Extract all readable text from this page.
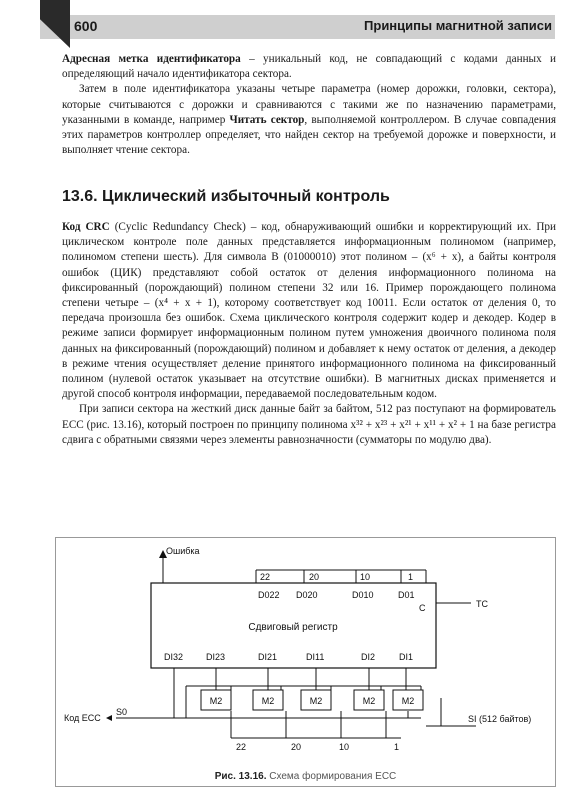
600	Принципы магнитной записи

Адресная метка идентификатора – уникальный код, не совпадающий с кодами данных и определяющий начало идентификатора сектора.

Затем в поле идентификатора указаны четыре параметра (номер дорожки, головки, сектора), которые считываются с дорожки и сравниваются с такими же по назначению параметрами, указанными в команде, например Читать сектор, выполняемой контроллером. В случае совпадения этих параметров контроллер определяет, что найден сектор на требуемой дорожке и поверхности, и выполняет чтение сектора.

13.6. Циклический избыточный контроль

Код CRC (Cyclic Redundancy Check) – код, обнаруживающий ошибки и корректирующий их. При циклическом контроле поле данных представляется информационным полиномом (например, полиномом степени шесть). Для символа B (01000010) этот полином – (x⁶ + x), а байты контроля ошибок (ЦИК) представляют собой остаток от деления информационного полинома на фиксированный (порождающий) полином степени 32 или 16. Пример порождающего полинома степени четыре – (x⁴ + x + 1), которому соответствует код 10011. Если остаток от деления 0, то передача произошла без ошибок. Схема циклического контроля содержит кодер и декодер. Кодер в режиме записи формирует информационным полином путем умножения двоичного полинома поля данных на фиксированный (порождающий) полином и добавляет к нему остаток от деления, а декодер в режиме чтения осуществляет деление принятого информационного полинома на фиксированный полином (нулевой остаток указывает на отсутствие ошибки). В магнитных дисках применяется и другой способ контроля информации, передаваемой последовательным кодом.

При записи сектора на жесткий диск данные байт за байтом, 512 раз поступают на формирователь ECC (рис. 13.16), который построен по принципу полинома x³² + x²³ + x²¹ + x¹¹ + x² + 1 на базе регистра сдвига с обратными связями через элементы равнозначности (сумматоры по модулю два).

Сдвиговый регистр
22	20	10	1
D022 D020	D010	D01
C
Ошибка
TC
DI32	DI23	DI21	DI11	DI2	DI1
M2	M2	M2	M2	M2
Код ECC
S0
SI (512 байтов)
22	20	10	1
Рис. 13.16. Схема формирования ECC
